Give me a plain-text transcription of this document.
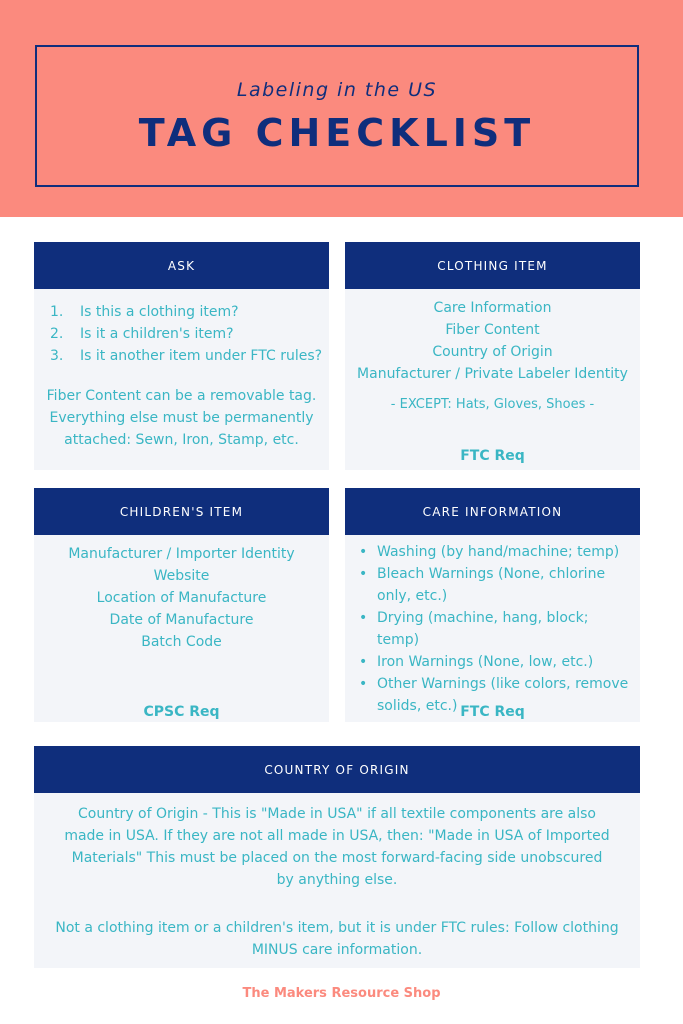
Labeling in the US
TAG CHECKLIST
ASK
1.	Is this a clothing item?
2.	Is it a children's item?
3.	Is it another item under FTC rules?

Fiber Content can be a removable tag. Everything else must be permanently attached: Sewn, Iron, Stamp, etc.

CLOTHING ITEM
Care Information
Fiber Content
Country of Origin
Manufacturer / Private Labeler Identity
- EXCEPT: Hats, Gloves, Shoes -
FTC Req
CHILDREN'S ITEM
Manufacturer / Importer Identity
Website
Location of Manufacture
Date of Manufacture
Batch Code
CPSC Req
CARE INFORMATION
• Washing (by hand/machine; temp)
• Bleach Warnings (None, chlorine only, etc.)
• Drying (machine, hang, block; temp)
• Iron Warnings (None, low, etc.)
• Other Warnings (like colors, remove solids, etc.) FTC Req
COUNTRY OF ORIGIN

Country of Origin - This is "Made in USA" if all textile components are also made in USA. If they are not all made in USA, then: "Made in USA of Imported Materials" This must be placed on the most forward-facing side unobscured by anything else.

Not a clothing item or a children's item, but it is under FTC rules: Follow clothing MINUS care information.

The Makers Resource Shop
